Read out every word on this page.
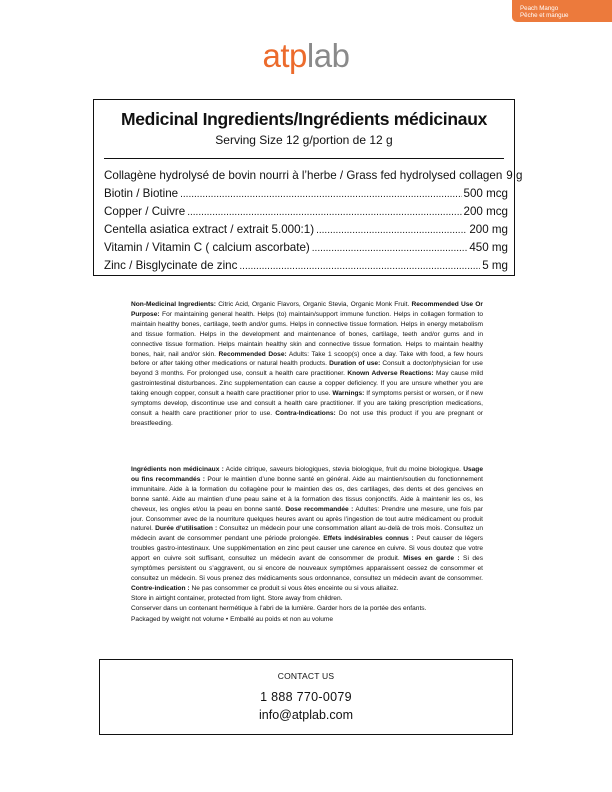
Peach Mango
Pêche et mangue
atplab
Medicinal Ingredients/Ingrédients médicinaux
Serving Size 12 g/portion de 12 g
Collagène hydrolysé de bovin nourri à l’herbe / Grass fed hydrolysed collagen 9 g
Biotin / Biotine .....	500 mcg
Copper / Cuivre .....	200 mcg
Centella asiatica extract / extrait 5.000:1) .....	200 mg
Vitamin / Vitamin C ( calcium ascorbate) .....	450 mg
Zinc / Bisglycinate de zinc .....	5 mg

Non-Medicinal Ingredients: Citric Acid, Organic Flavors, Organic Stevia, Organic Monk Fruit. Recommended Use Or Purpose: For maintaining general health. Helps (to) maintain/support immune function. Helps in collagen formation to maintain healthy bones, cartilage, teeth and/or gums. Helps in connective tissue formation. Helps in energy metabolism and tissue formation. Helps in the development and maintenance of bones, cartilage, teeth and/or gums and in connective tissue formation. Helps maintain healthy skin and connective tissue formation. Helps to maintain healthy bones, hair, nail and/or skin. Recommended Dose: Adults: Take 1 scoop(s) once a day. Take with food, a few hours before or after taking other medications or natural health products. Duration of use: Consult a doctor/physician for use beyond 3 months. For prolonged use, consult a health care practitioner. Known Adverse Reactions: May cause mild gastrointestinal disturbances. Zinc supplementation can cause a copper deficiency. If you are unsure whether you are taking enough copper, consult a health care practitioner prior to use. Warnings: If symptoms persist or worsen, or if new symptoms develop, discontinue use and consult a health care practitioner. If you are taking prescription medications, consult a health care practitioner prior to use. Contra-Indications: Do not use this product if you are pregnant or breastfeeding.

Ingrédients non médicinaux : Acide citrique, saveurs biologiques, stevia biologique, fruit du moine biologique. Usage ou fins recommandés : Pour le maintien d’une bonne santé en général. Aide au maintien/soutien du fonctionnement immunitaire. Aide à la formation du collagène pour le maintien des os, des cartilages, des dents et des gencives en bonne santé. Aide au maintien d’une peau saine et à la formation des tissus conjonctifs. Aide à maintenir les os, les cheveux, les ongles et/ou la peau en bonne santé. Dose recommandée : Adultes: Prendre une mesure, une fois par jour. Consommer avec de la nourriture quelques heures avant ou après l’ingestion de tout autre médicament ou produit naturel. Durée d’utilisation : Consultez un médecin pour une consommation allant au-delà de trois mois. Consultez un médecin avant de consommer pendant une période prolongée. Effets indésirables connus : Peut causer de légers troubles gastro-intestinaux. Une supplémentation en zinc peut causer une carence en cuivre. Si vous doutez que votre apport en cuivre soit suffisant, consultez un médecin avant de consommer de produit. Mises en garde : Si des symptômes persistent ou s’aggravent, ou si encore de nouveaux symptômes apparaissent cessez de consommer et consultez un médecin. Si vous prenez des médicaments sous ordonnance, consultez un médecin avant de consommer. Contre-indication : Ne pas consommer ce produit si vous êtes enceinte ou si vous allaitez.

Store in airtight container, protected from light. Store away from children.
Conserver dans un contenant hermétique à l’abri de la lumière. Garder hors de la portée des enfants.
Packaged by weight not volume • Emballé au poids et non au volume
CONTACT US
1 888 770-0079
info@atplab.com
